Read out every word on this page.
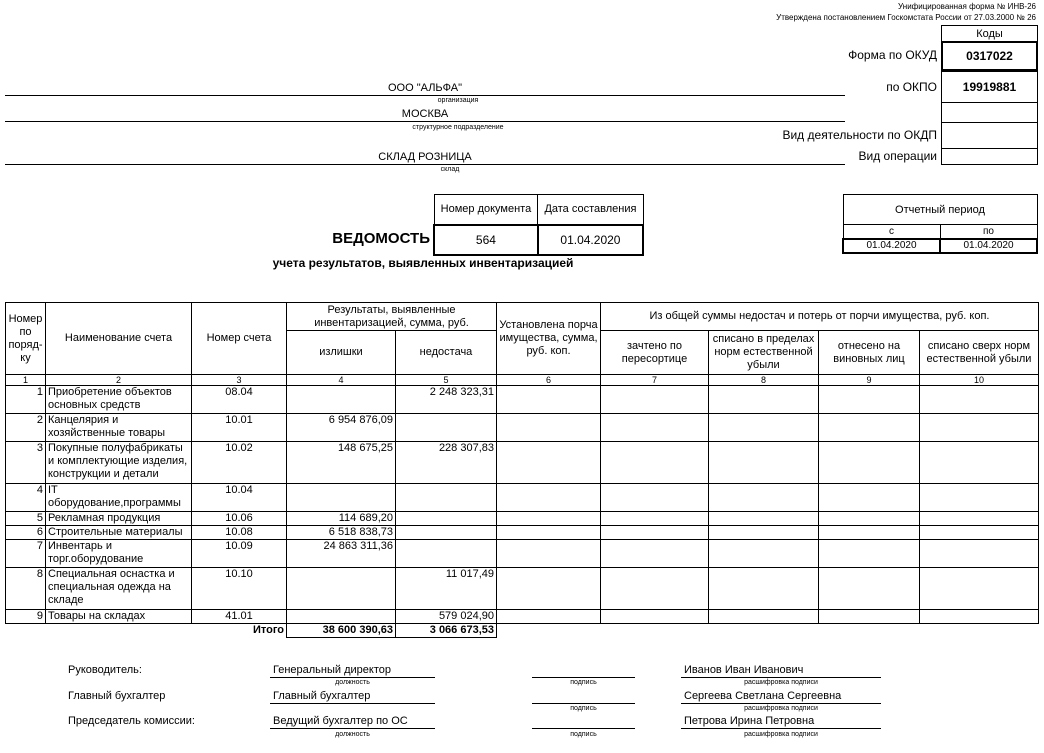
Унифицированная форма № ИНВ-26
Утверждена постановлением Госкомстата России от 27.03.2000 № 26
Коды
Форма по ОКУД	0317022
по ОКПО	19919881
Вид деятельности по ОКДП
Вид операции
ООО "АЛЬФА"
организация
МОСКВА
структурное подразделение
СКЛАД РОЗНИЦА
склад
ВЕДОМОСТЬ
учета результатов, выявленных инвентаризацией
Номер документа	Дата составления
564	01.04.2020
Отчетный период	
с	по
01.04.2020	01.04.2020
Номер по поряд-ку	Наименование счета	Номер счета	Результаты, выявленные инвентаризацией, сумма, руб.		Установлена порча имущества, сумма, руб. коп.	Из общей суммы недостач и потерь от порчи имущества, руб. коп.			
			излишки	недостача		зачтено по пересортице	списано в пределах норм естественной убыли	отнесено на виновных лиц	списано сверх норм естественной убыли
1	2	3	4	5	6	7	8	9	10
1	Приобретение объектов основных средств	08.04		2 248 323,31					
2	Канцелярия и хозяйственные товары	10.01	6 954 876,09						
3	Покупные полуфабрикаты и комплектующие изделия, конструкции и детали	10.02	148 675,25	228 307,83					
4	IT оборудование,программы	10.04							
5	Рекламная продукция	10.06	114 689,20						
6	Строительные материалы	10.08	6 518 838,73						
7	Инвентарь и торг.оборудование	10.09	24 863 311,36						
8	Специальная оснастка и специальная одежда на складе	10.10		11 017,49					
9	Товары на складах	41.01		579 024,90					
		Итого	38 600 390,63	3 066 673,53					
Руководитель:	Генеральный директор
должность	подпись
Иванов Иван Иванович
расшифровка подписи
Главный бухгалтер	Главный бухгалтер
подпись
Сергеева Светлана Сергеевна
расшифровка подписи
Председатель комиссии:	Ведущий бухгалтер по ОС
должность	подпись
Петрова Ирина Петровна
расшифровка подписи
